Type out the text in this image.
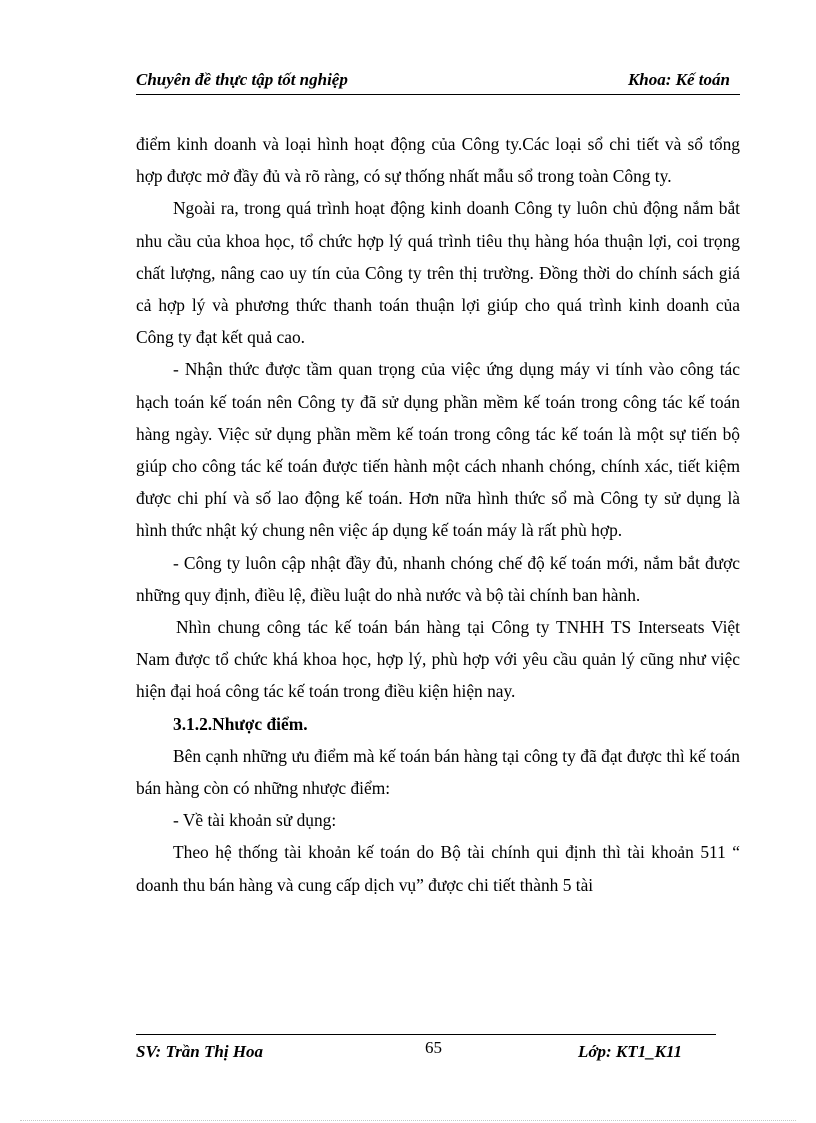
Chuyên đề thực tập tốt nghiệp	Khoa: Kế toán

điểm kinh doanh và loại hình hoạt động của Công ty.Các loại sổ chi tiết và sổ tổng hợp được mở đầy đủ và rõ ràng, có sự thống nhất mẫu sổ trong toàn Công ty.

Ngoài ra, trong quá trình hoạt động kinh doanh Công ty luôn chủ động nắm bắt nhu cầu của khoa học, tổ chức hợp lý quá trình tiêu thụ hàng hóa thuận lợi, coi trọng chất lượng, nâng cao uy tín của Công ty trên thị trường. Đồng thời do chính sách giá cả hợp lý và phương thức thanh toán thuận lợi giúp cho quá trình kinh doanh của Công ty đạt kết quả cao.

- Nhận thức được tầm quan trọng của việc ứng dụng máy vi tính vào công tác hạch toán kế toán nên Công ty đã sử dụng phần mềm kế toán trong công tác kế toán hàng ngày. Việc sử dụng phần mềm kế toán trong công tác kế toán là một sự tiến bộ giúp cho công tác kế toán được tiến hành một cách nhanh chóng, chính xác, tiết kiệm được chi phí và số lao động kế toán. Hơn nữa hình thức sổ mà Công ty sử dụng là hình thức nhật ký chung nên việc áp dụng kế toán máy là rất phù hợp.

- Công ty luôn cập nhật đầy đủ, nhanh chóng chế độ kế toán mới, nắm bắt được những quy định, điều lệ, điều luật do nhà nước và bộ tài chính ban hành.

Nhìn chung công tác kế toán bán hàng tại Công ty TNHH TS Interseats Việt Nam được tổ chức khá khoa học, hợp lý, phù hợp với yêu cầu quản lý cũng như việc hiện đại hoá công tác kế toán trong điều kiện hiện nay.

3.1.2.Nhược điểm.

Bên cạnh những ưu điểm mà kế toán bán hàng tại công ty đã đạt được thì kế toán bán hàng còn có những nhược điểm:

- Về tài khoản sử dụng:

Theo hệ thống tài khoản kế toán do Bộ tài chính qui định thì tài khoản 511 “ doanh thu bán hàng và cung cấp dịch vụ” được chi tiết thành 5 tài

SV: Trần Thị Hoa	65	Lớp: KT1_K11
